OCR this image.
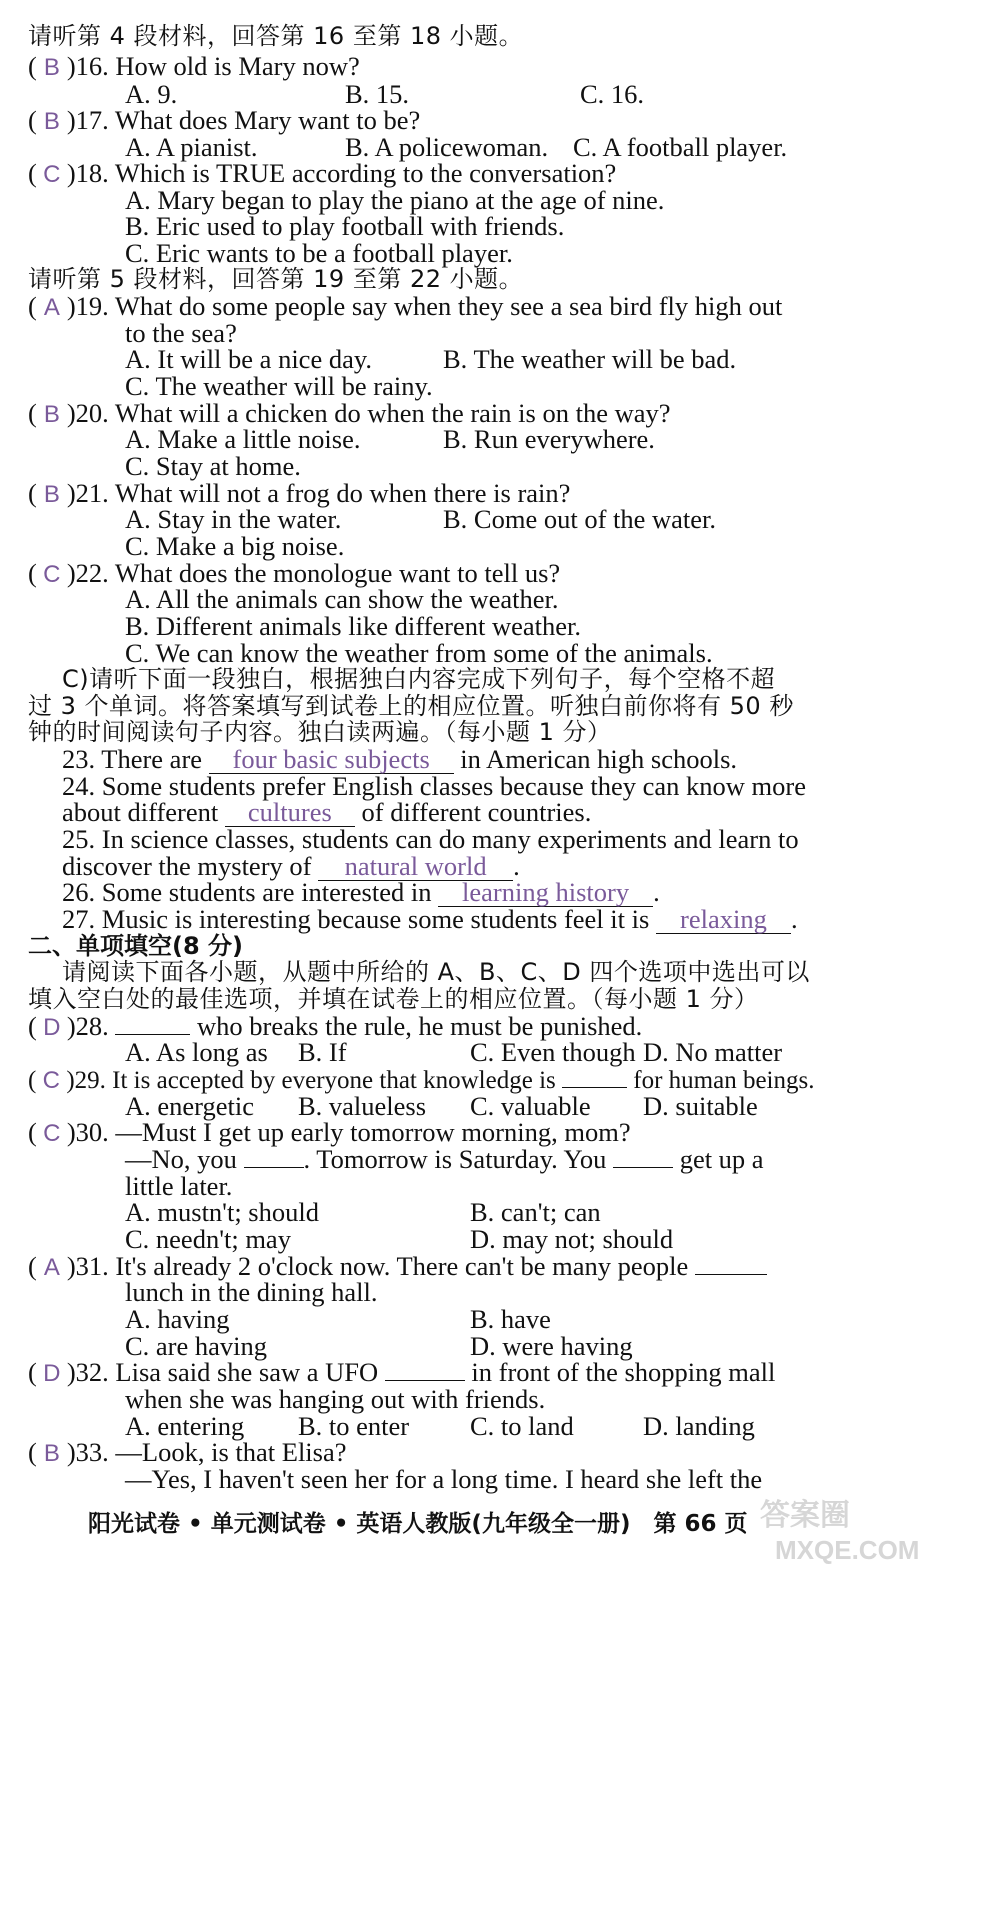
请听第 4 段材料，回答第 16 至第 18 小题。
( B )16. How old is Mary now?
A. 9.	B. 15.	C. 16.
( B )17. What does Mary want to be?
A. A pianist.	B. A policewoman. C. A football player.
( C )18. Which is TRUE according to the conversation?
A. Mary began to play the piano at the age of nine.
B. Eric used to play football with friends.
C. Eric wants to be a football player.
请听第 5 段材料，回答第 19 至第 22 小题。
( A )19. What do some people say when they see a sea bird fly high out
to the sea?
A. It will be a nice day.	B. The weather will be bad.
C. The weather will be rainy.
( B )20. What will a chicken do when the rain is on the way?
A. Make a little noise.	B. Run everywhere.
C. Stay at home.
( B )21. What will not a frog do when there is rain?
A. Stay in the water.	B. Come out of the water.
C. Make a big noise.
( C )22. What does the monologue want to tell us?
A. All the animals can show the weather.
B. Different animals like different weather.
C. We can know the weather from some of the animals.
C)请听下面一段独白，根据独白内容完成下列句子，每个空格不超
过 3 个单词。将答案填写到试卷上的相应位置。听独白前你将有 50 秒
钟的时间阅读句子内容。独白读两遍。（每小题 1 分）
23. There are four basic subjects in American high schools.
24. Some students prefer English classes because they can know more
about different cultures of different countries.
25. In science classes, students can do many experiments and learn to
discover the mystery of natural world .
26. Some students are interested in learning history .
27. Music is interesting because some students feel it is relaxing .
二、单项填空(8 分)
请阅读下面各小题，从题中所给的 A、B、C、D 四个选项中选出可以
填入空白处的最佳选项，并填在试卷上的相应位置。（每小题 1 分）
( D )28.	who breaks the rule, he must be punished.
A. As long as B. If	C. Even though D. No matter
( C )29. It is accepted by everyone that knowledge is	for human beings.
A. energetic B. valueless C. valuable D. suitable
( C )30. —Must I get up early tomorrow morning, mom?
—No, you	. Tomorrow is Saturday. You	get up a
little later.
A. mustn't; should	B. can't; can
C. needn't; may	D. may not; should
( A )31. It's already 2 o'clock now. There can't be many people
lunch in the dining hall.
A. having	B. have
C. are having	D. were having
( D )32. Lisa said she saw a UFO	in front of the shopping mall
when she was hanging out with friends.
A. entering B. to enter C. to land	D. landing
( B )33. —Look, is that Elisa?
—Yes, I haven't seen her for a long time. I heard she left the
阳光试卷 • 单元测试卷 • 英语人教版(九年级全一册)　第 66 页 答案圈
MXQE.COM
